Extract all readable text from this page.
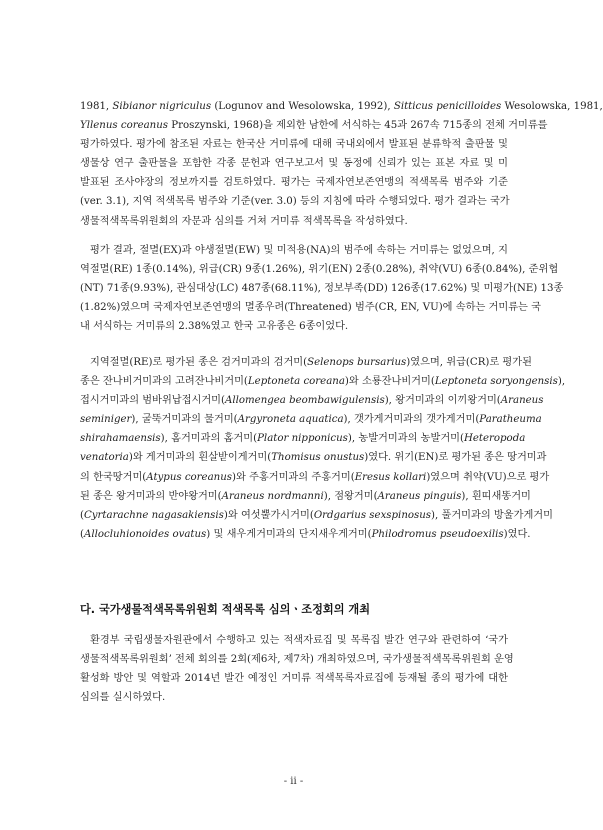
1981, Sibianor nigriculus (Logunov and Wesolowska, 1992), Sitticus penicilloides Wesolowska, 1981,
Yllenus coreanus Proszynski, 1968)을 제외한 남한에 서식하는 45과 267속 715종의 전체 거미류를
평가하였다. 평가에 참조된 자료는 한국산 거미류에 대해 국내외에서 발표된 분류학적 출판물 및
생물상 연구 출판물을 포함한 각종 문헌과 연구보고서 및 동정에 신뢰가 있는 표본 자료 및 미
발표된 조사야장의 정보까지를 검토하였다. 평가는 국제자연보존연맹의 적색목록 범주와 기준
(ver. 3.1), 지역 적색목록 범주와 기준(ver. 3.0) 등의 지침에 따라 수행되었다. 평가 결과는 국가
생물적색목록위원회의 자문과 심의를 거쳐 거미류 적색목록을 작성하였다.

평가 결과, 절멸(EX)과 야생절멸(EW) 및 미적용(NA)의 범주에 속하는 거미류는 없었으며, 지
역절멸(RE) 1종(0.14%), 위급(CR) 9종(1.26%), 위기(EN) 2종(0.28%), 취약(VU) 6종(0.84%), 준위협
(NT) 71종(9.93%), 관심대상(LC) 487종(68.11%), 정보부족(DD) 126종(17.62%) 및 미평가(NE) 13종
(1.82%)였으며 국제자연보존연맹의 멸종우려(Threatened) 범주(CR, EN, VU)에 속하는 거미류는 국
내 서식하는 거미류의 2.38%였고 한국 고유종은 6종이었다.

지역절멸(RE)로 평가된 종은 검거미과의 검거미(Selenops bursarius)였으며, 위급(CR)로 평가된
종은 잔나비거미과의 고려잔나비거미(Leptoneta coreana)와 소룡잔나비거미(Leptoneta soryongensis),
접시거미과의 범바위납접시거미(Allomengea beombawigulensis), 왕거미과의 이끼왕거미(Araneus
seminiger), 굴뚝거미과의 물거미(Argyroneta aquatica), 갯가게거미과의 갯가게거미(Paratheuma
shirahamaensis), 홈거미과의 홈거미(Plator nipponicus), 농발거미과의 농발거미(Heteropoda
venatoria)와 게거미과의 흰살받이게거미(Thomisus onustus)였다. 위기(EN)로 평가된 종은 땅거미과
의 한국땅거미(Atypus coreanus)와 주홍거미과의 주홍거미(Eresus kollari)였으며 취약(VU)으로 평가
된 종은 왕거미과의 반야왕거미(Araneus nordmanni), 점왕거미(Araneus pinguis), 흰띠새똥거미
(Cyrtarachne nagasakiensis)와 여섯뿔가시거미(Ordgarius sexspinosus), 풀거미과의 방울가게거미
(Allocluhionoides ovatus) 및 새우게거미과의 단지새우게거미(Philodromus pseudoexilis)였다.

다. 국가생물적색목록위원회 적색목록 심의ㆍ조정회의 개최

환경부 국립생물자원관에서 수행하고 있는 적색자료집 및 목록집 발간 연구와 관련하여 ‘국가
생물적색목록위원회’ 전체 회의를 2회(제6차, 제7차) 개최하였으며, 국가생물적색목록위원회 운영
활성화 방안 및 역할과 2014년 발간 예정인 거미류 적색목록자료집에 등재될 종의 평가에 대한
심의를 실시하였다.

- ii -
